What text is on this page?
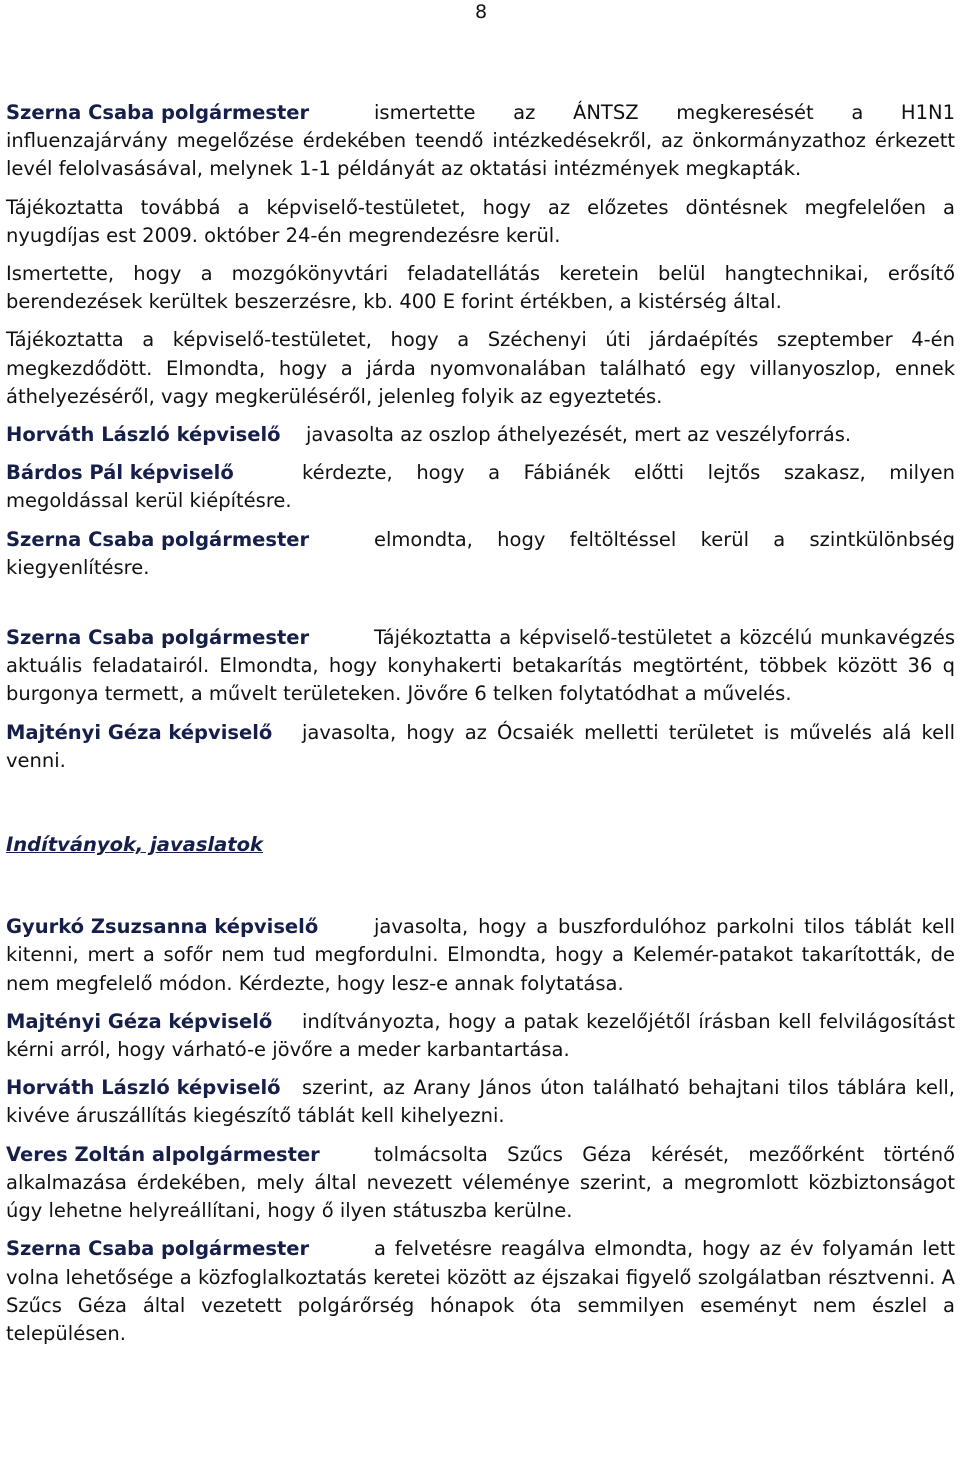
8

Szerna Csaba polgármester	ismertette az ÁNTSZ megkeresését a H1N1 influenzajárvány megelőzése érdekében teendő intézkedésekről, az önkormányzathoz érkezett levél felolvasásával, melynek 1-1 példányát az oktatási intézmények megkapták.

Tájékoztatta továbbá a képviselő-testületet, hogy az előzetes döntésnek megfelelően a nyugdíjas est 2009. október 24-én megrendezésre kerül.

Ismertette, hogy a mozgókönyvtári feladatellátás keretein belül hangtechnikai, erősítő berendezések kerültek beszerzésre, kb. 400 E forint értékben, a kistérség által.

Tájékoztatta a képviselő-testületet, hogy a Széchenyi úti járdaépítés szeptember 4-én megkezdődött. Elmondta, hogy a járda nyomvonalában található egy villanyoszlop, ennek áthelyezéséről, vagy megkerüléséről, jelenleg folyik az egyeztetés.

Horváth László képviselő javasolta az oszlop áthelyezését, mert az veszélyforrás.

Bárdos Pál képviselő	kérdezte, hogy a Fábiánék előtti lejtős szakasz, milyen megoldással kerül kiépítésre.

Szerna Csaba polgármester	elmondta, hogy feltöltéssel kerül a szintkülönbség kiegyenlítésre.

Szerna Csaba polgármester	Tájékoztatta a képviselő-testületet a közcélú munkavégzés aktuális feladatairól. Elmondta, hogy konyhakerti betakarítás megtörtént, többek között 36 q burgonya termett, a művelt területeken. Jövőre 6 telken folytatódhat a művelés.

Majtényi Géza képviselő javasolta, hogy az Ócsaiék melletti területet is művelés alá kell venni.

Indítványok, javaslatok

Gyurkó Zsuzsanna képviselő	javasolta, hogy a buszfordulóhoz parkolni tilos táblát kell kitenni, mert a sofőr nem tud megfordulni. Elmondta, hogy a Kelemér-patakot takarították, de nem megfelelő módon. Kérdezte, hogy lesz-e annak folytatása.

Majtényi Géza képviselő indítványozta, hogy a patak kezelőjétől írásban kell felvilágosítást kérni arról, hogy várható-e jövőre a meder karbantartása.

Horváth László képviselő szerint, az Arany János úton található behajtani tilos táblára kell, kivéve áruszállítás kiegészítő táblát kell kihelyezni.

Veres Zoltán alpolgármester	tolmácsolta Szűcs Géza kérését, mezőőrként történő alkalmazása érdekében, mely által nevezett véleménye szerint, a megromlott közbiztonságot úgy lehetne helyreállítani, hogy ő ilyen státuszba kerülne.

Szerna Csaba polgármester	a felvetésre reagálva elmondta, hogy az év folyamán lett volna lehetősége a közfoglalkoztatás keretei között az éjszakai figyelő szolgálatban résztvenni. A Szűcs Géza által vezetett polgárőrség hónapok óta semmilyen eseményt nem észlel a településen.
